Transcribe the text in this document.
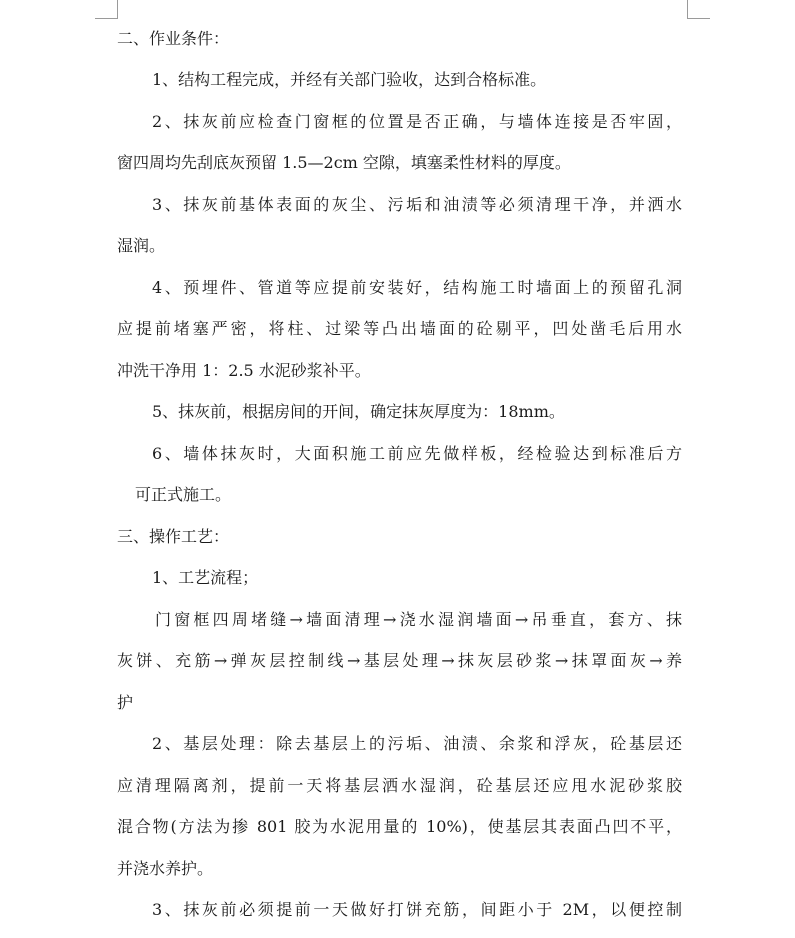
二、作业条件：
1、结构工程完成，并经有关部门验收，达到合格标准。
2、抹灰前应检查门窗框的位置是否正确，与墙体连接是否牢固，
窗四周均先刮底灰预留 1.5—2cm 空隙，填塞柔性材料的厚度。
3、抹灰前基体表面的灰尘、污垢和油渍等必须清理干净，并洒水
湿润。
4、预埋件、管道等应提前安装好，结构施工时墙面上的预留孔洞
应提前堵塞严密，将柱、过梁等凸出墙面的砼剔平，凹处凿毛后用水
冲洗干净用 1：2.5 水泥砂浆补平。
5、抹灰前，根据房间的开间，确定抹灰厚度为：18mm。
6、墙体抹灰时，大面积施工前应先做样板，经检验达到标准后方
可正式施工。
三、操作工艺：
1、工艺流程；
门窗框四周堵缝→墙面清理→浇水湿润墙面→吊垂直，套方、抹
灰饼、充筋→弹灰层控制线→基层处理→抹灰层砂浆→抹罩面灰→养
护
2、基层处理：除去基层上的污垢、油渍、余浆和浮灰，砼基层还
应清理隔离剂，提前一天将基层洒水湿润，砼基层还应甩水泥砂浆胶
混合物(方法为掺 801 胶为水泥用量的 10%)，使基层其表面凸凹不平，
并浇水养护。
3、抹灰前必须提前一天做好打饼充筋，间距小于 2M，以便控制
